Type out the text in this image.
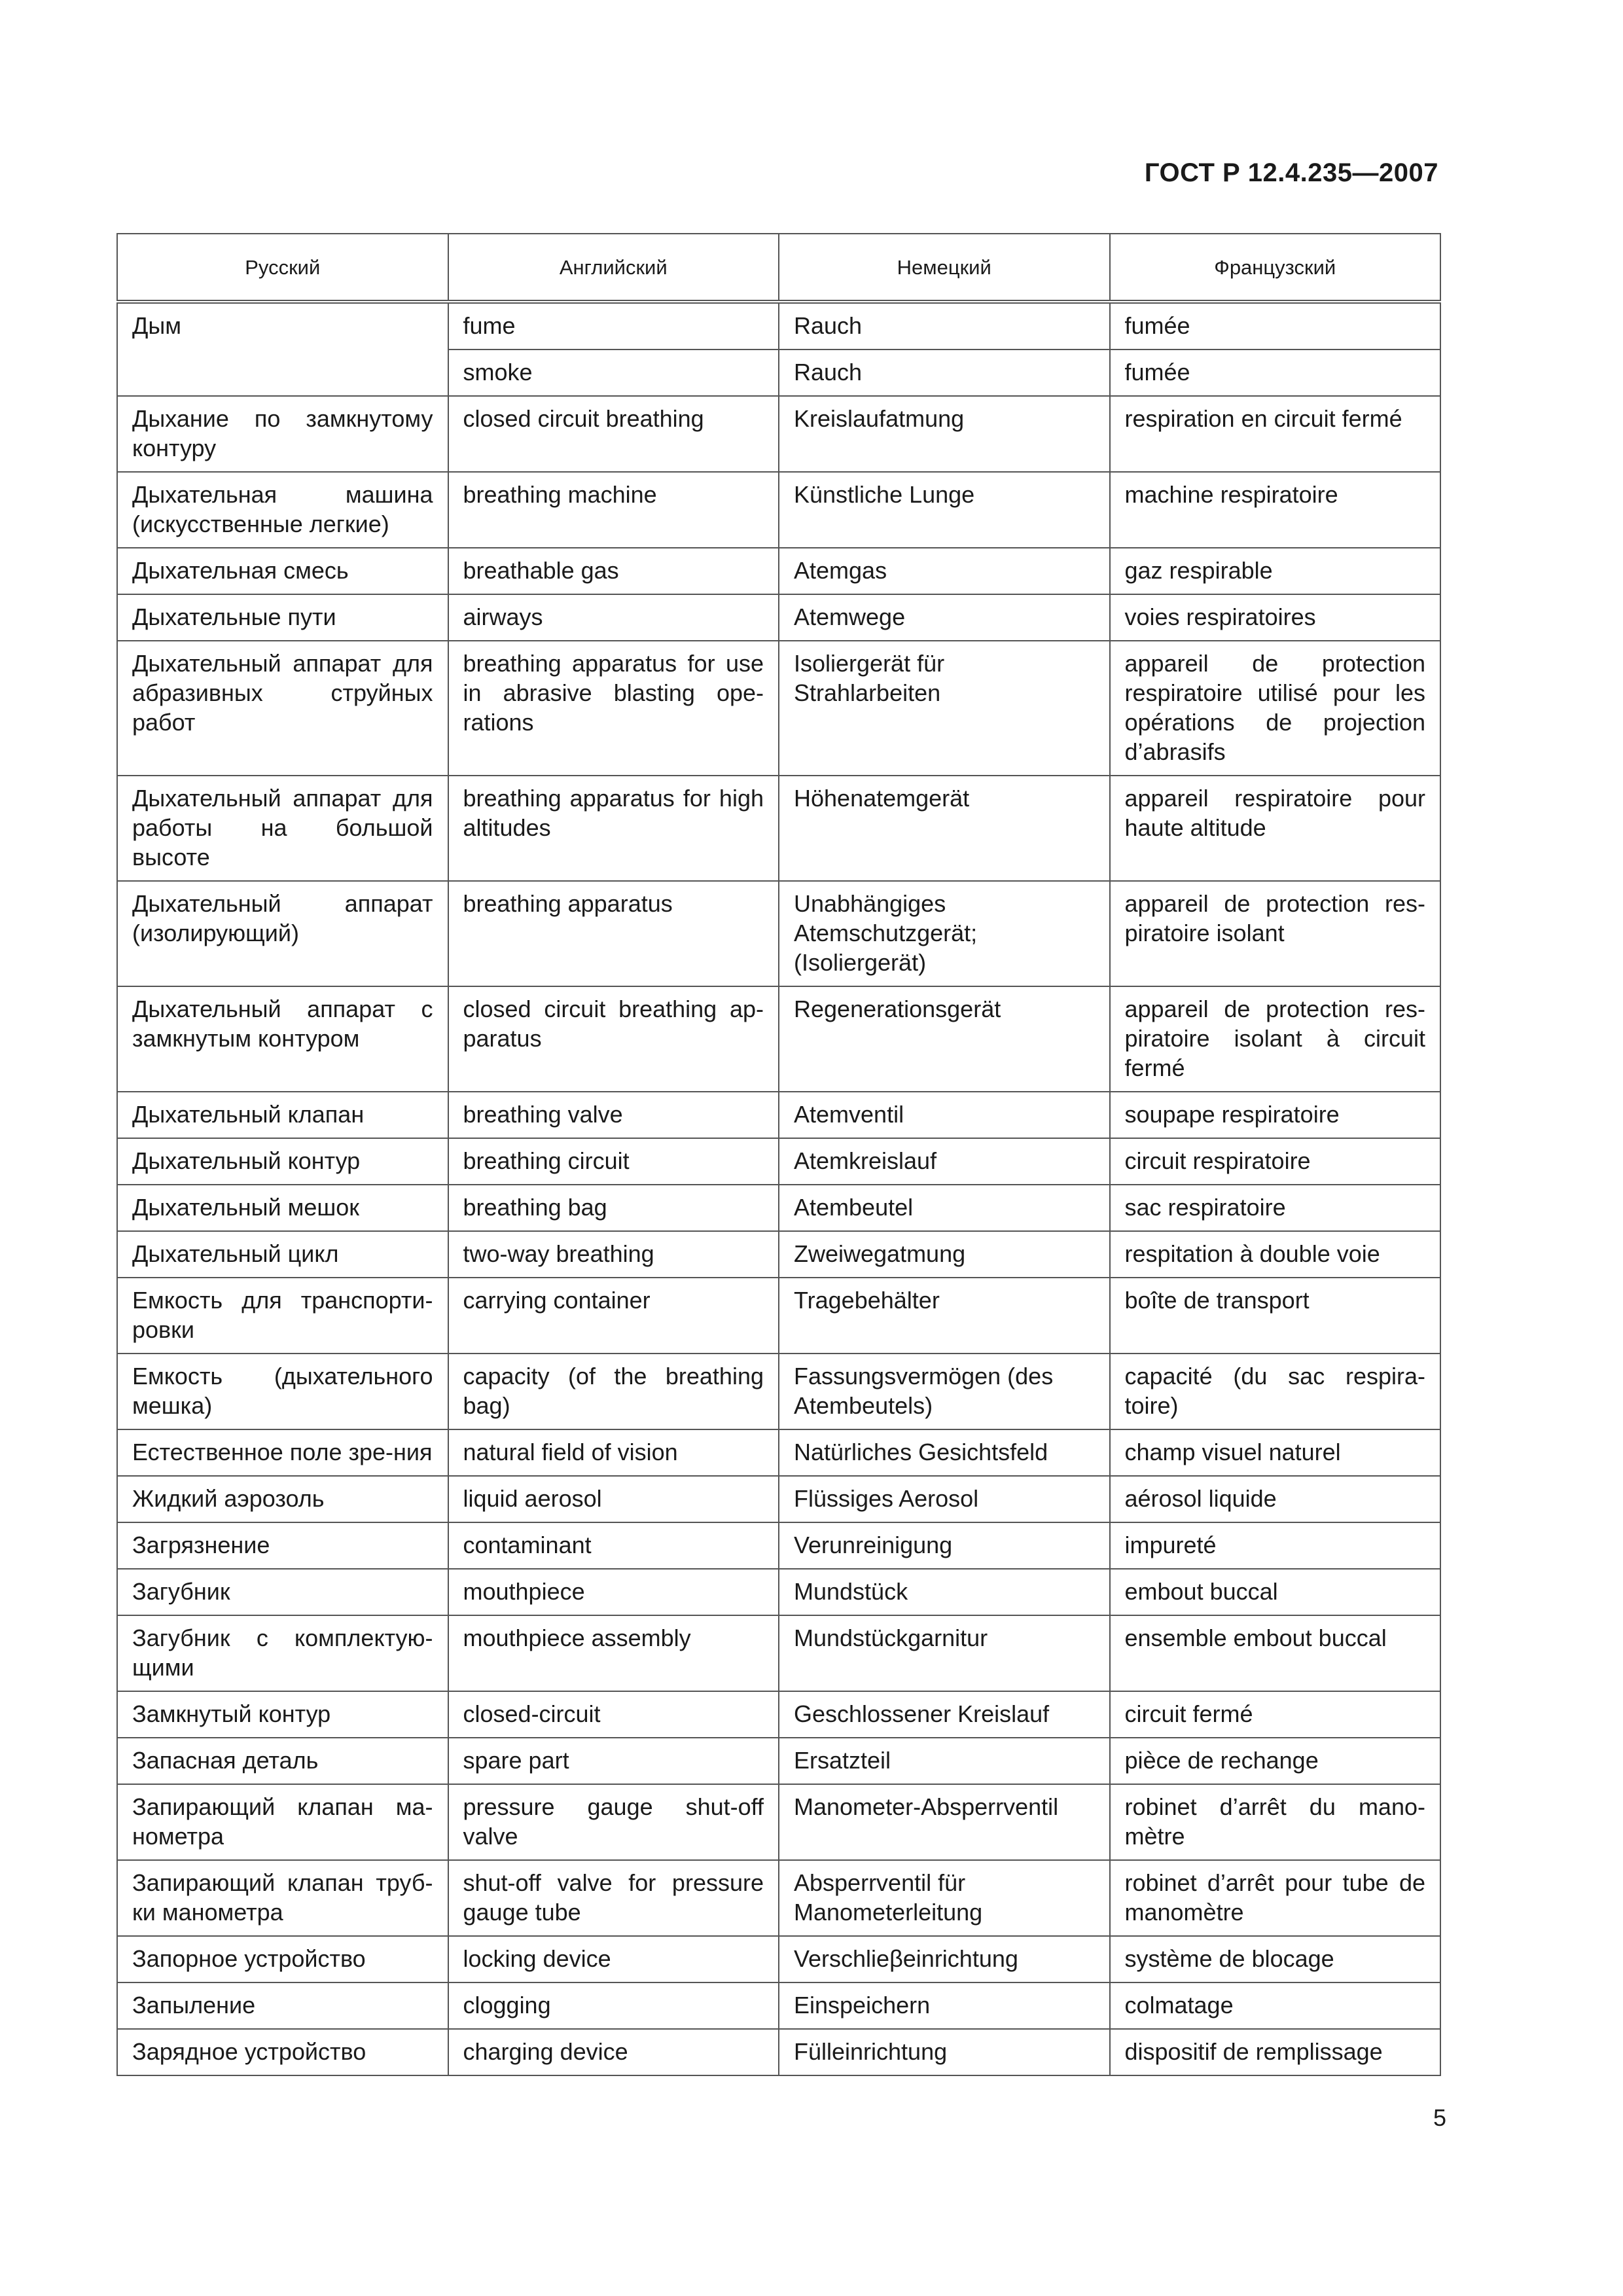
ГОСТ Р 12.4.235—2007
Русский	Английский	Немецкий	Французский
Дым	fume	Rauch	fumée
	smoke	Rauch	fumée
Дыхание по замкнутому контуру	closed circuit breathing	Kreislaufatmung	respiration en circuit fermé
Дыхательная машина (искусственные легкие)	breathing machine	Künstliche Lunge	machine respiratoire
Дыхательная смесь	breathable gas	Atemgas	gaz respirable
Дыхательные пути	airways	Atemwege	voies respiratoires
Дыхательный аппарат для абразивных струйных работ	breathing apparatus for use in abrasive blasting ope-rations	Isoliergerät für Strahlarbeiten	appareil de protection respiratoire utilisé pour les opérations de projection d’abrasifs
Дыхательный аппарат для работы на большой высоте	breathing apparatus for high altitudes	Höhenatemgerät	appareil respiratoire pour haute altitude
Дыхательный аппарат (изолирующий)	breathing apparatus	Unabhängiges Atemschutzgerät; (Isoliergerät)	appareil de protection res-piratoire isolant
Дыхательный аппарат с замкнутым контуром	closed circuit breathing ap-paratus	Regenerationsgerät	appareil de protection res-piratoire isolant à circuit fermé
Дыхательный клапан	breathing valve	Atemventil	soupape respiratoire
Дыхательный контур	breathing circuit	Atemkreislauf	circuit respiratoire
Дыхательный мешок	breathing bag	Atembeutel	sac respiratoire
Дыхательный цикл	two-way breathing	Zweiwegatmung	respitation à double voie
Емкость для транспорти-ровки	carrying container	Tragebehälter	boîte de transport
Емкость (дыхательного мешка)	capacity (of the breathing bag)	Fassungsvermögen (des Atembeutels)	capacité (du sac respira-toire)
Естественное поле зре-ния	natural field of vision	Natürliches Gesichtsfeld	champ visuel naturel
Жидкий аэрозоль	liquid aerosol	Flüssiges Aerosol	aérosol liquide
Загрязнение	contaminant	Verunreinigung	impureté
Загубник	mouthpiece	Mundstück	embout buccal
Загубник с комплектую-щими	mouthpiece assembly	Mundstückgarnitur	ensemble embout buccal
Замкнутый контур	closed-circuit	Geschlossener Kreislauf	circuit fermé
Запасная деталь	spare part	Ersatzteil	pièce de rechange
Запирающий клапан ма-нометра	pressure gauge shut-off valve	Manometer-Absperrventil	robinet d’arrêt du mano-mètre
Запирающий клапан труб-ки манометра	shut-off valve for pressure gauge tube	Absperrventil für Manometerleitung	robinet d’arrêt pour tube de manomètre
Запорное устройство	locking device	Verschlieβeinrichtung	système de blocage
Запыление	clogging	Einspeichern	colmatage
Зарядное устройство	charging device	Fülleinrichtung	dispositif de remplissage
5
